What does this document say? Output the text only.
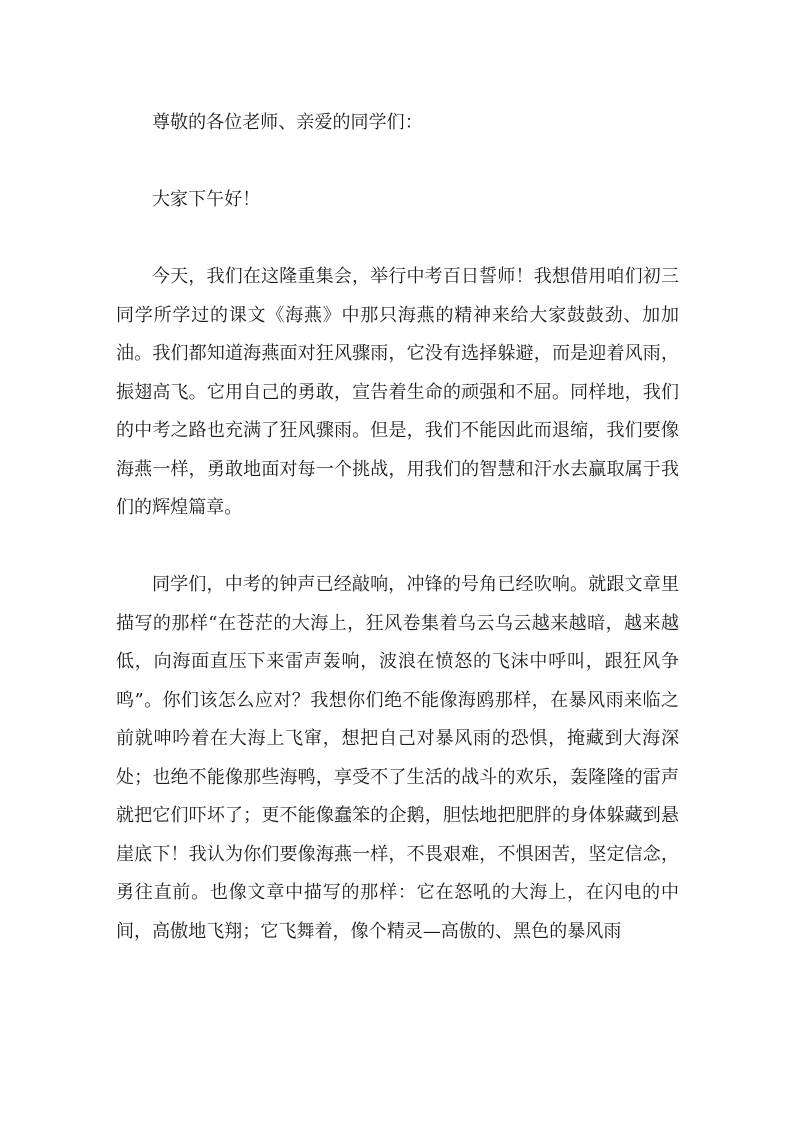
尊敬的各位老师、亲爱的同学们：

大家下午好！

今天，我们在这隆重集会，举行中考百日誓师！我想借用咱们初三同学所学过的课文《海燕》中那只海燕的精神来给大家鼓鼓劲、加加油。我们都知道海燕面对狂风骤雨，它没有选择躲避，而是迎着风雨，振翅高飞。它用自己的勇敢，宣告着生命的顽强和不屈。同样地，我们的中考之路也充满了狂风骤雨。但是，我们不能因此而退缩，我们要像海燕一样，勇敢地面对每一个挑战，用我们的智慧和汗水去赢取属于我们的辉煌篇章。

同学们，中考的钟声已经敲响，冲锋的号角已经吹响。就跟文章里描写的那样“在苍茫的大海上，狂风卷集着乌云乌云越来越暗，越来越低，向海面直压下来雷声轰响，波浪在愤怒的飞沫中呼叫，跟狂风争鸣”。你们该怎么应对？我想你们绝不能像海鸥那样，在暴风雨来临之前就呻吟着在大海上飞窜，想把自己对暴风雨的恐惧，掩藏到大海深处；也绝不能像那些海鸭，享受不了生活的战斗的欢乐，轰隆隆的雷声就把它们吓坏了；更不能像蠢笨的企鹅，胆怯地把肥胖的身体躲藏到悬崖底下！我认为你们要像海燕一样，不畏艰难，不惧困苦，坚定信念，勇往直前。也像文章中描写的那样：它在怒吼的大海上，在闪电的中间，高傲地飞翔；它飞舞着，像个精灵—高傲的、黑色的暴风雨
